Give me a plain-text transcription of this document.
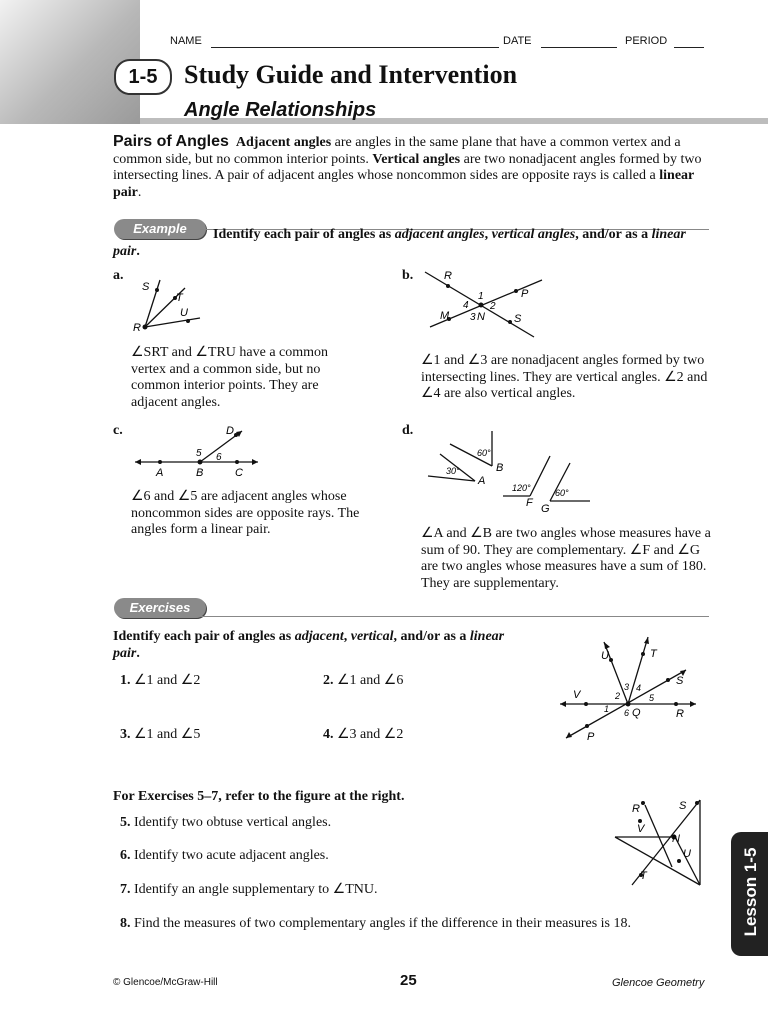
NAME	DATE	PERIOD
1-5	Study Guide and Intervention
Angle Relationships

Pairs of Angles Adjacent angles are angles in the same plane that have a common vertex and a common side, but no common interior points. Vertical angles are two nonadjacent angles formed by two intersecting lines. A pair of adjacent angles whose noncommon sides are opposite rays is called a linear pair.

Example	Identify each pair of angles as adjacent angles, vertical angles, and/or as a linear pair.

a.
S
T
U
R
∠SRT and ∠TRU have a common vertex and a common side, but no common interior points. They are adjacent angles.
b.	R
P
M	N	S
1
2
3
4
∠1 and ∠3 are nonadjacent angles formed by two intersecting lines. They are vertical angles. ∠2 and ∠4 are also vertical angles.
c.
A	B	C
D
5 6
∠6 and ∠5 are adjacent angles whose noncommon sides are opposite rays. The angles form a linear pair.
d.
60°
B
30°
A
120°
F
60°
G
∠A and ∠B are two angles whose measures have a sum of 90. They are complementary. ∠F and ∠G are two angles whose measures have a sum of 180. They are supplementary.
Exercises

Identify each pair of angles as adjacent, vertical, and/or as a linear pair.

1. ∠1 and ∠2	2. ∠1 and ∠6
3. ∠1 and ∠5	4. ∠3 and ∠2
U	T
S
V
Q	R
P
1
2
3 4
5
6
For Exercises 5–7, refer to the figure at the right.
5. Identify two obtuse vertical angles.
6. Identify two acute adjacent angles.
7. Identify an angle supplementary to ∠TNU.
8. Find the measures of two complementary angles if the difference in their measures is 18.
R	S
V
N
U
T	Lesson 1-5
© Glencoe/McGraw-Hill	25	Glencoe Geometry
